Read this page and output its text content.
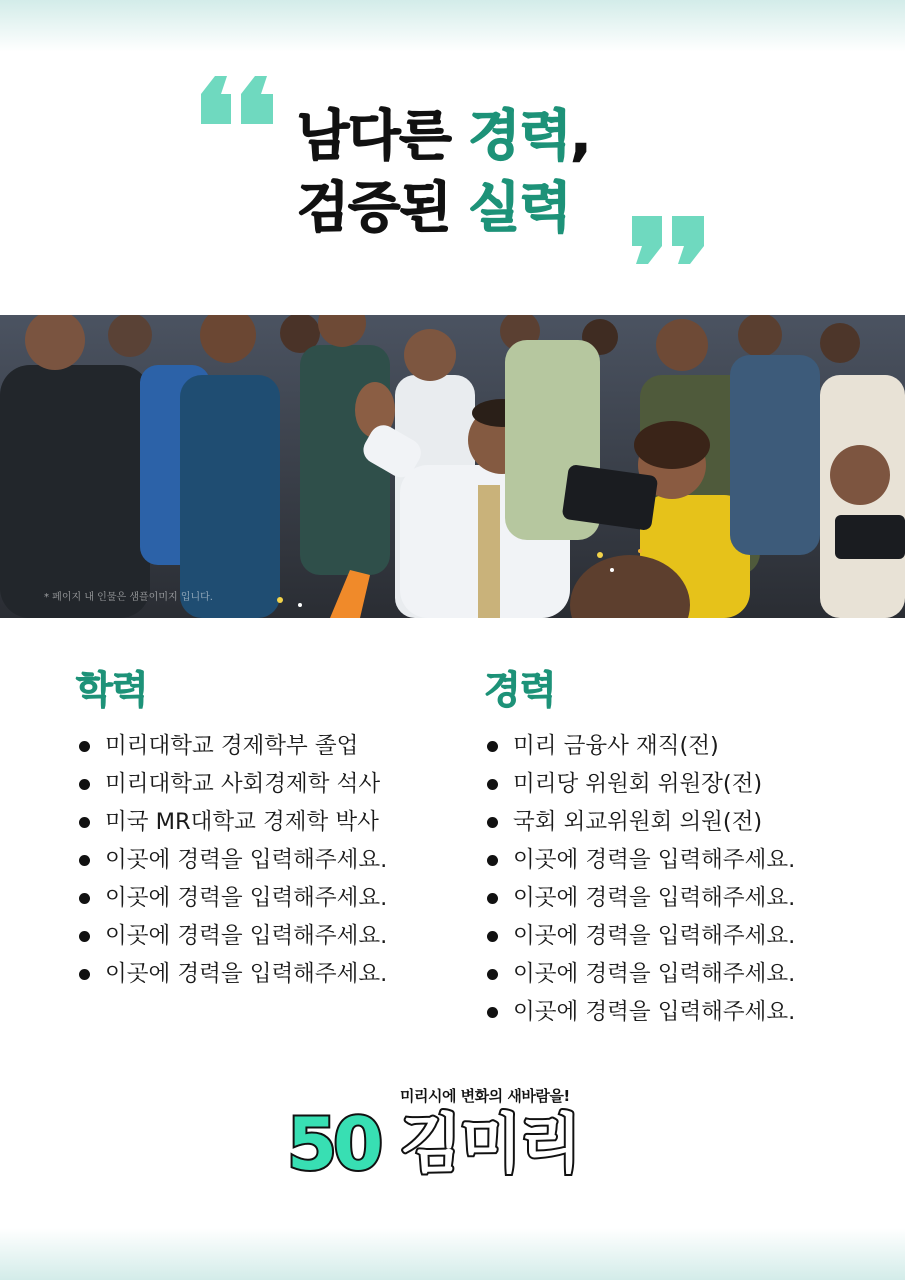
남다른 경력,
검증된 실력
* 페이지 내 인물은 샘플이미지 입니다.
학력
미리대학교 경제학부 졸업
미리대학교 사회경제학 석사
미국 MR대학교 경제학 박사
이곳에 경력을 입력해주세요.
이곳에 경력을 입력해주세요.
이곳에 경력을 입력해주세요.
이곳에 경력을 입력해주세요.
경력
미리 금융사 재직(전)
미리당 위원회 위원장(전)
국회 외교위원회 의원(전)
이곳에 경력을 입력해주세요.
이곳에 경력을 입력해주세요.
이곳에 경력을 입력해주세요.
이곳에 경력을 입력해주세요.
이곳에 경력을 입력해주세요.
미리시에 변화의 새바람을!
50 김미리
